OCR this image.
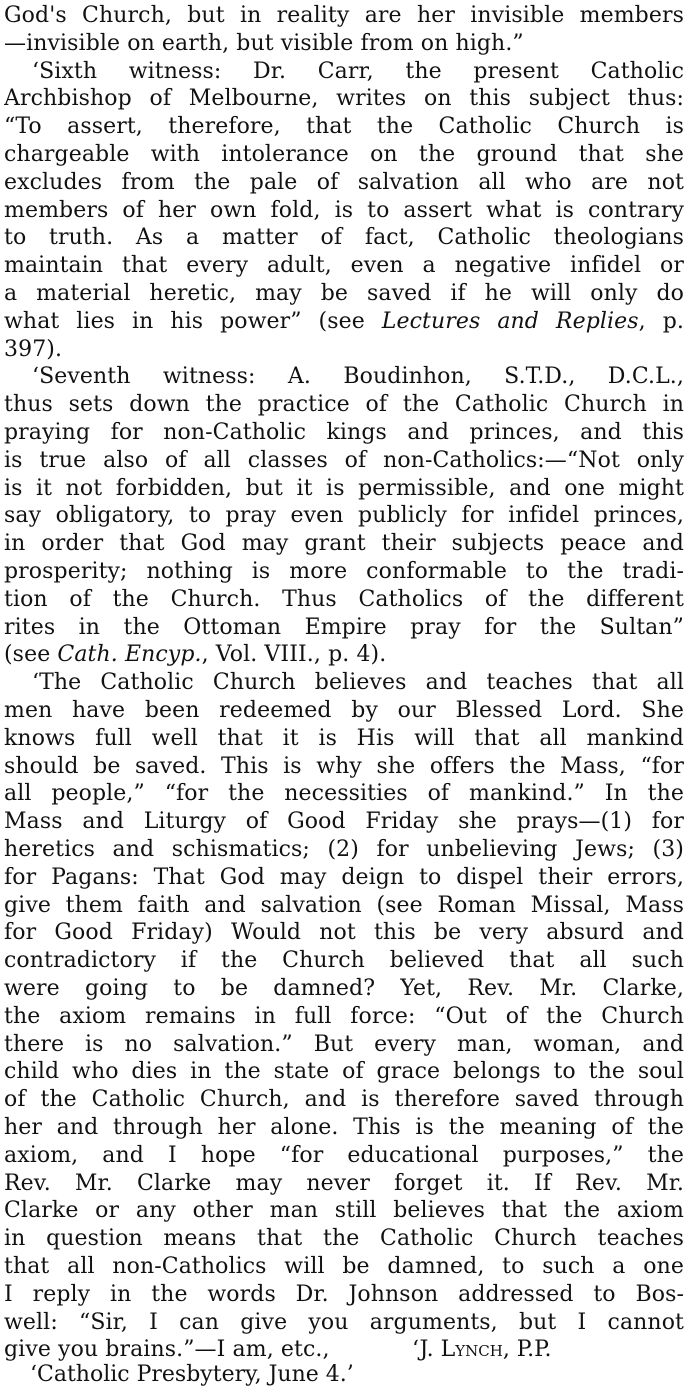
God's Church, but in reality are her invisible members
—invisible on earth, but visible from on high.”
‘Sixth witness: Dr. Carr, the present Catholic
Archbishop of Melbourne, writes on this subject thus:
“To assert, therefore, that the Catholic Church is
chargeable with intolerance on the ground that she
excludes from the pale of salvation all who are not
members of her own fold, is to assert what is contrary
to truth. As a matter of fact, Catholic theologians
maintain that every adult, even a negative infidel or
a material heretic, may be saved if he will only do
what lies in his power” (see Lectures and Replies, p.
397).
‘Seventh witness: A. Boudinhon, S.T.D., D.C.L.,
thus sets down the practice of the Catholic Church in
praying for non-Catholic kings and princes, and this
is true also of all classes of non-Catholics:—“Not only
is it not forbidden, but it is permissible, and one might
say obligatory, to pray even publicly for infidel princes,
in order that God may grant their subjects peace and
prosperity; nothing is more conformable to the tradi-
tion of the Church. Thus Catholics of the different
rites in the Ottoman Empire pray for the Sultan”
(see Cath. Encyp., Vol. VIII., p. 4).
‘The Catholic Church believes and teaches that all
men have been redeemed by our Blessed Lord. She
knows full well that it is His will that all mankind
should be saved. This is why she offers the Mass, “for
all people,” “for the necessities of mankind.” In the
Mass and Liturgy of Good Friday she prays—(1) for
heretics and schismatics; (2) for unbelieving Jews; (3)
for Pagans: That God may deign to dispel their errors,
give them faith and salvation (see Roman Missal, Mass
for Good Friday) Would not this be very absurd and
contradictory if the Church believed that all such
were going to be damned? Yet, Rev. Mr. Clarke,
the axiom remains in full force: “Out of the Church
there is no salvation.” But every man, woman, and
child who dies in the state of grace belongs to the soul
of the Catholic Church, and is therefore saved through
her and through her alone. This is the meaning of the
axiom, and I hope “for educational purposes,” the
Rev. Mr. Clarke may never forget it. If Rev. Mr.
Clarke or any other man still believes that the axiom
in question means that the Catholic Church teaches
that all non-Catholics will be damned, to such a one
I reply in the words Dr. Johnson addressed to Bos-
well: “Sir, I can give you arguments, but I cannot
give you brains.”—I am, etc.,	‘J. Lynch, P.P.
‘Catholic Presbytery, June 4.’
